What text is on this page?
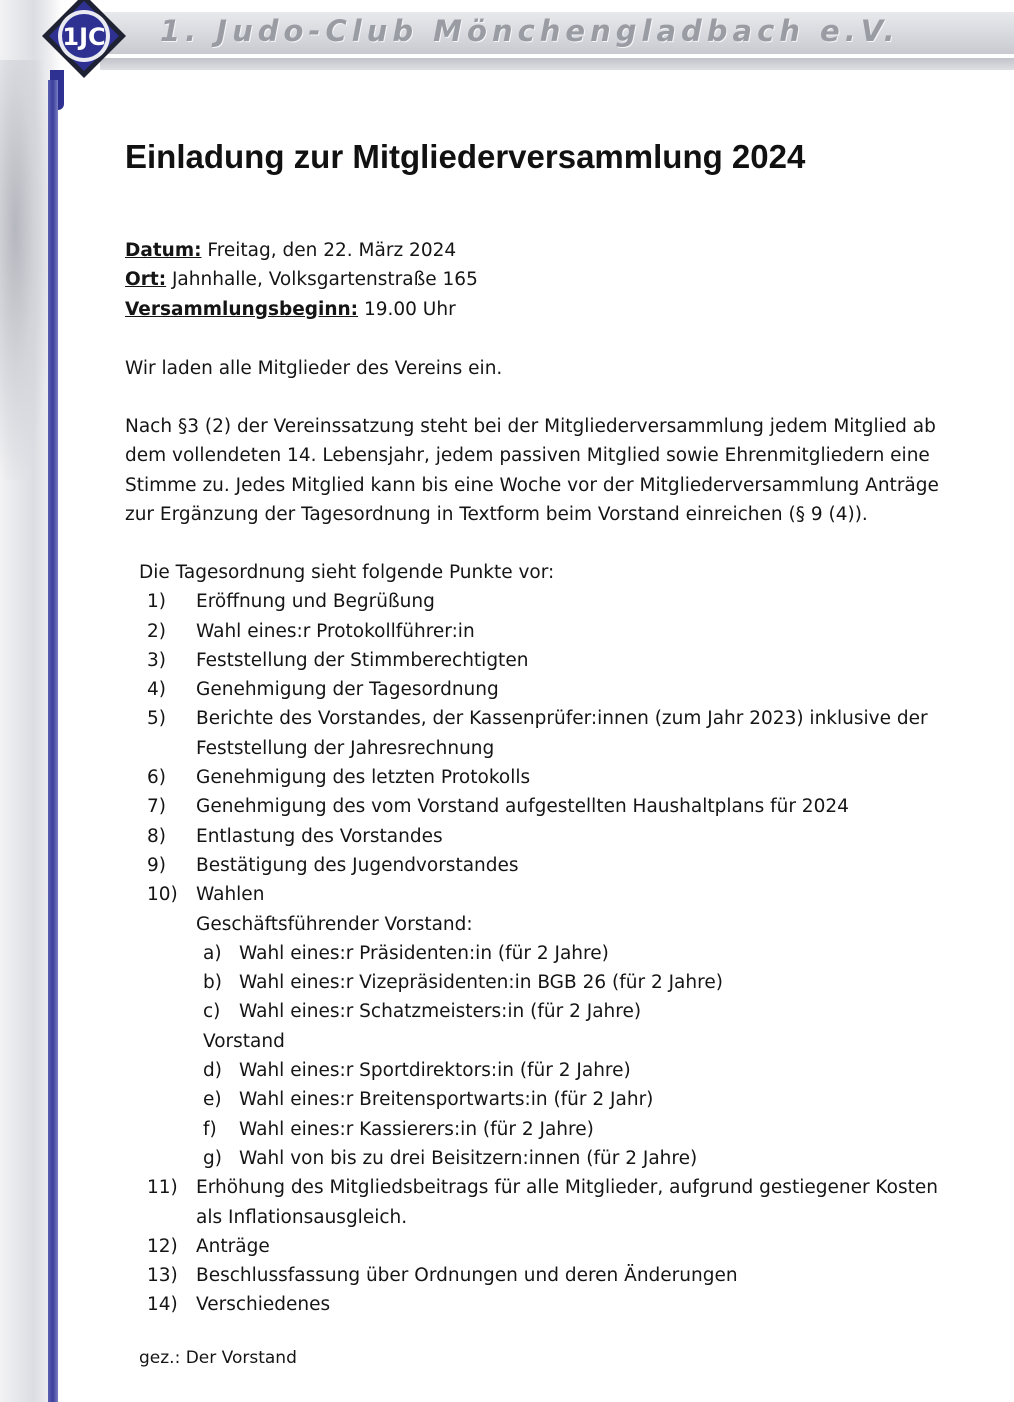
1. Judo-Club Mönchengladbach e.V.
1JC
Einladung zur Mitgliederversammlung 2024
Datum: Freitag, den 22. März 2024
Ort: Jahnhalle, Volksgartenstraße 165
Versammlungsbeginn: 19.00 Uhr
Wir laden alle Mitglieder des Vereins ein.
Nach §3 (2) der Vereinssatzung steht bei der Mitgliederversammlung jedem Mitglied ab
dem vollendeten 14. Lebensjahr, jedem passiven Mitglied sowie Ehrenmitgliedern eine
Stimme zu. Jedes Mitglied kann bis eine Woche vor der Mitgliederversammlung Anträge
zur Ergänzung der Tagesordnung in Textform beim Vorstand einreichen (§ 9 (4)).
Die Tagesordnung sieht folgende Punkte vor:
1) Eröffnung und Begrüßung
2) Wahl eines:r Protokollführer:in
3) Feststellung der Stimmberechtigten
4) Genehmigung der Tagesordnung
5) Berichte des Vorstandes, der Kassenprüfer:innen (zum Jahr 2023) inklusive der
Feststellung der Jahresrechnung
6) Genehmigung des letzten Protokolls
7) Genehmigung des vom Vorstand aufgestellten Haushaltplans für 2024
8) Entlastung des Vorstandes
9) Bestätigung des Jugendvorstandes
10) Wahlen
Geschäftsführender Vorstand:
a) Wahl eines:r Präsidenten:in (für 2 Jahre)
b) Wahl eines:r Vizepräsidenten:in BGB 26 (für 2 Jahre)
c) Wahl eines:r Schatzmeisters:in (für 2 Jahre)
Vorstand
d) Wahl eines:r Sportdirektors:in (für 2 Jahre)
e) Wahl eines:r Breitensportwarts:in (für 2 Jahr)
f) Wahl eines:r Kassierers:in (für 2 Jahre)
g) Wahl von bis zu drei Beisitzern:innen (für 2 Jahre)
11) Erhöhung des Mitgliedsbeitrags für alle Mitglieder, aufgrund gestiegener Kosten
als Inflationsausgleich.
12) Anträge
13) Beschlussfassung über Ordnungen und deren Änderungen
14) Verschiedenes
gez.: Der Vorstand
